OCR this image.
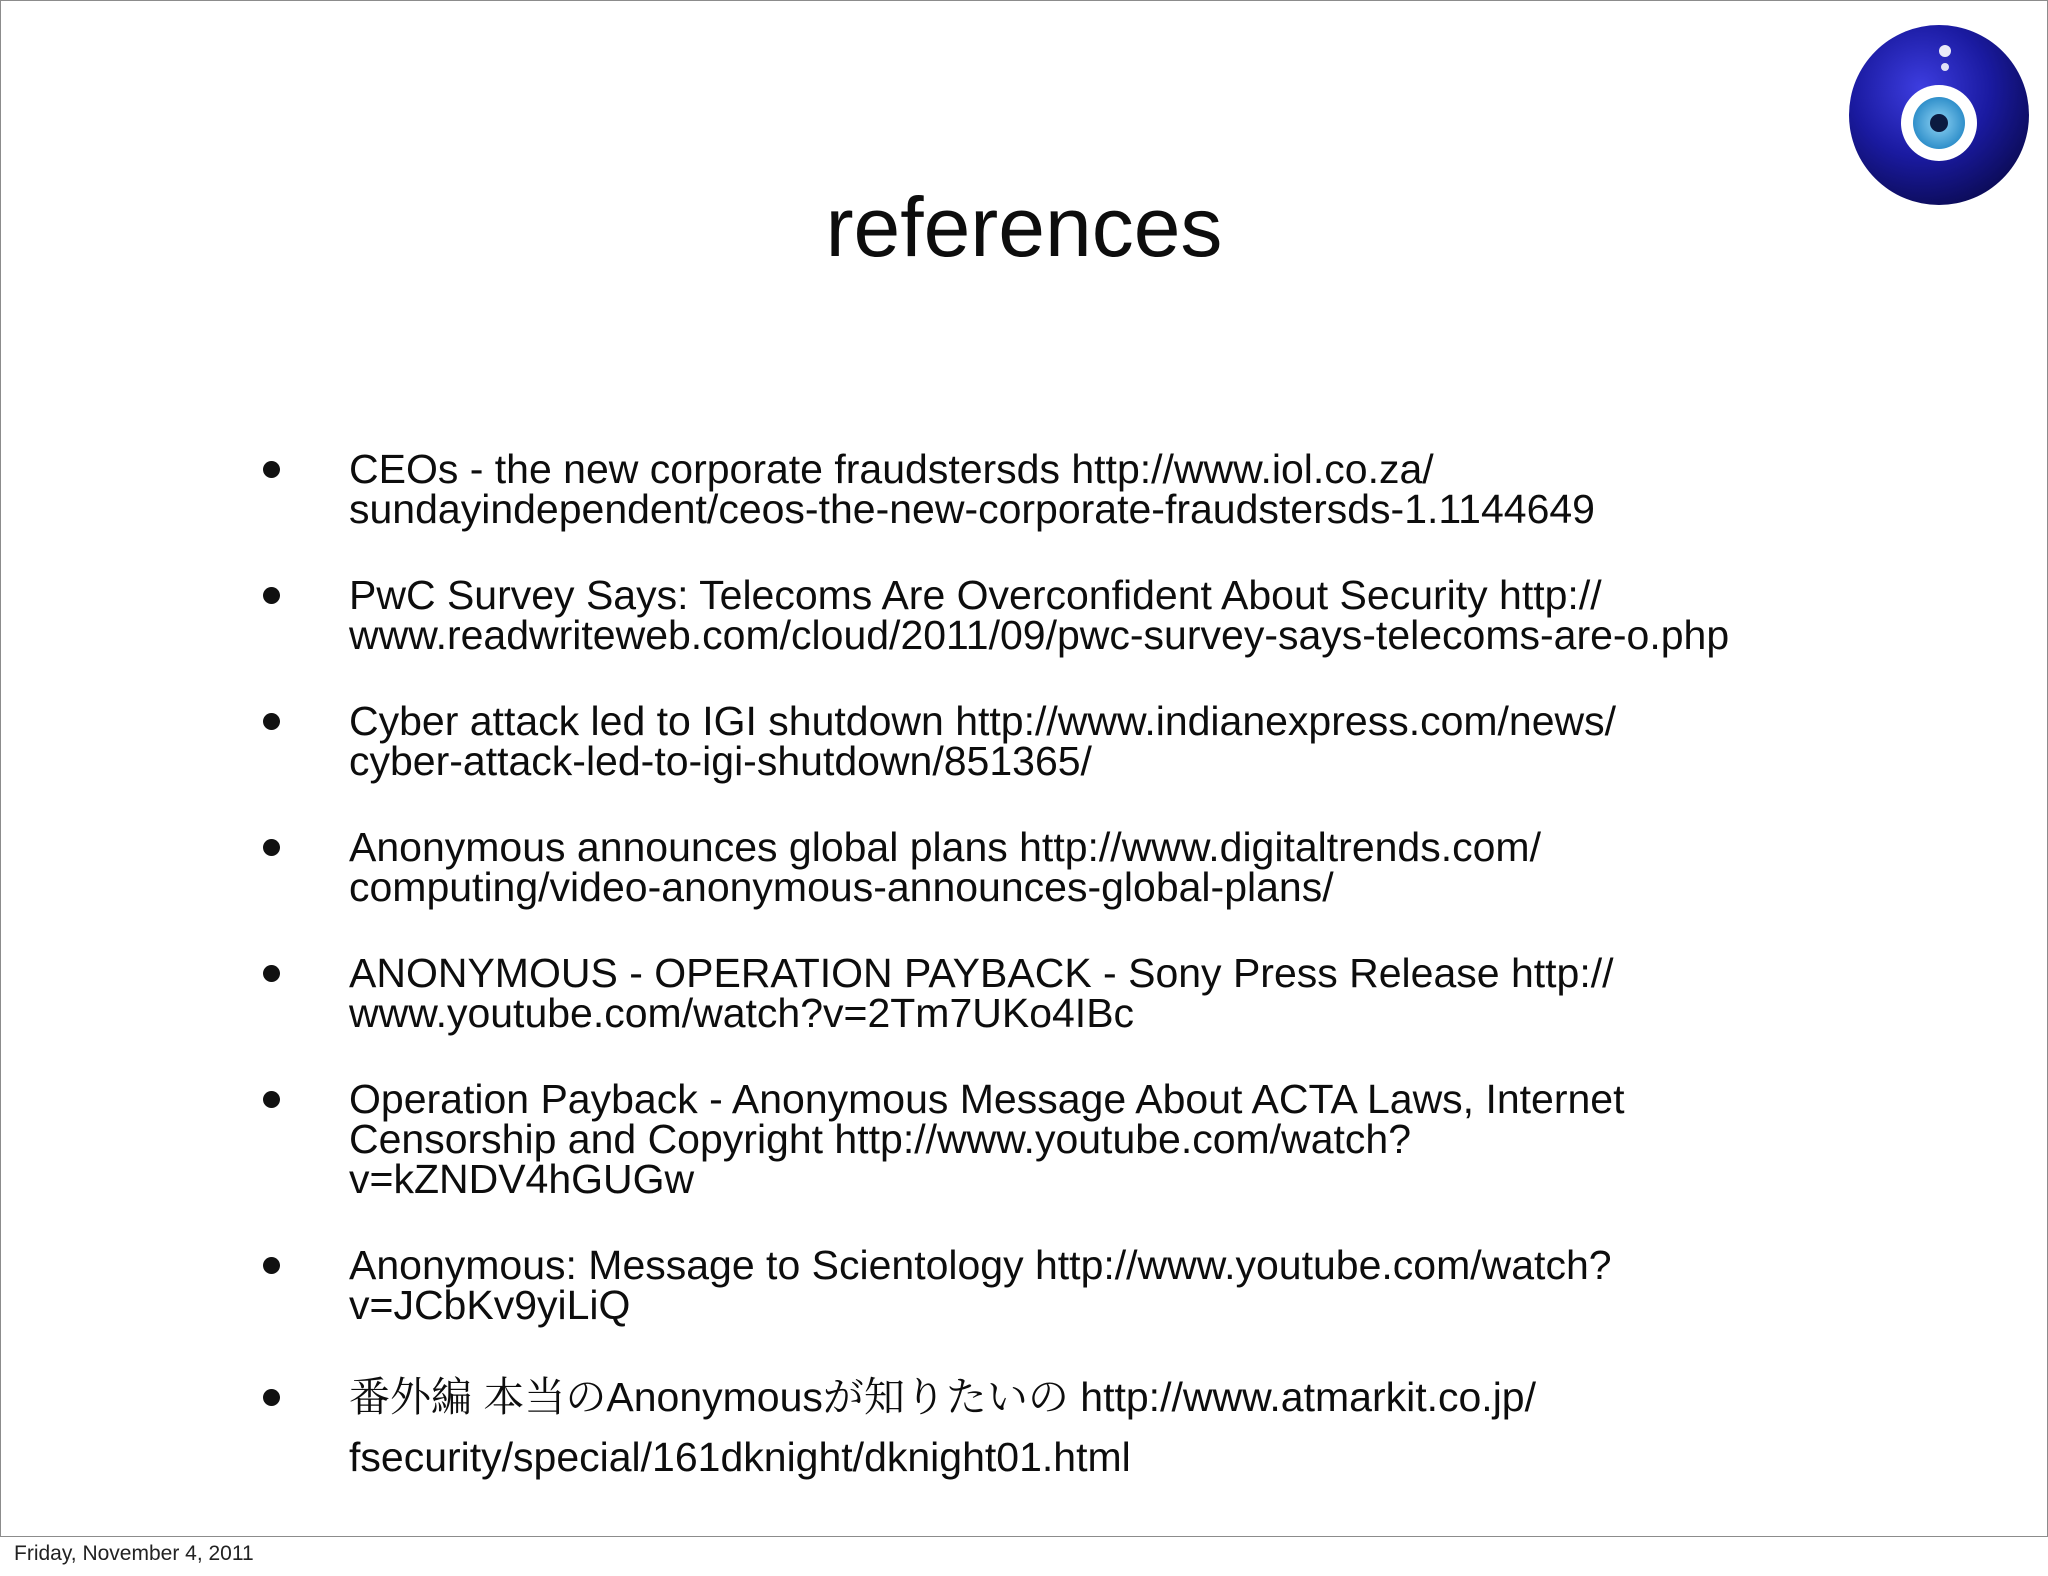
references
CEOs - the new corporate fraudstersds http://www.iol.co.za/
sundayindependent/ceos-the-new-corporate-fraudstersds-1.1144649
PwC Survey Says: Telecoms Are Overconfident About Security http://
www.readwriteweb.com/cloud/2011/09/pwc-survey-says-telecoms-are-o.php
Cyber attack led to IGI shutdown http://www.indianexpress.com/news/
cyber-attack-led-to-igi-shutdown/851365/
Anonymous announces global plans http://www.digitaltrends.com/
computing/video-anonymous-announces-global-plans/
ANONYMOUS - OPERATION PAYBACK - Sony Press Release http://
www.youtube.com/watch?v=2Tm7UKo4IBc
Operation Payback - Anonymous Message About ACTA Laws, Internet
Censorship and Copyright http://www.youtube.com/watch?
v=kZNDV4hGUGw
Anonymous: Message to Scientology http://www.youtube.com/watch?
v=JCbKv9yiLiQ
番外編 本当のAnonymousが知りたいの http://www.atmarkit.co.jp/
fsecurity/special/161dknight/dknight01.html
Friday, November 4, 2011
